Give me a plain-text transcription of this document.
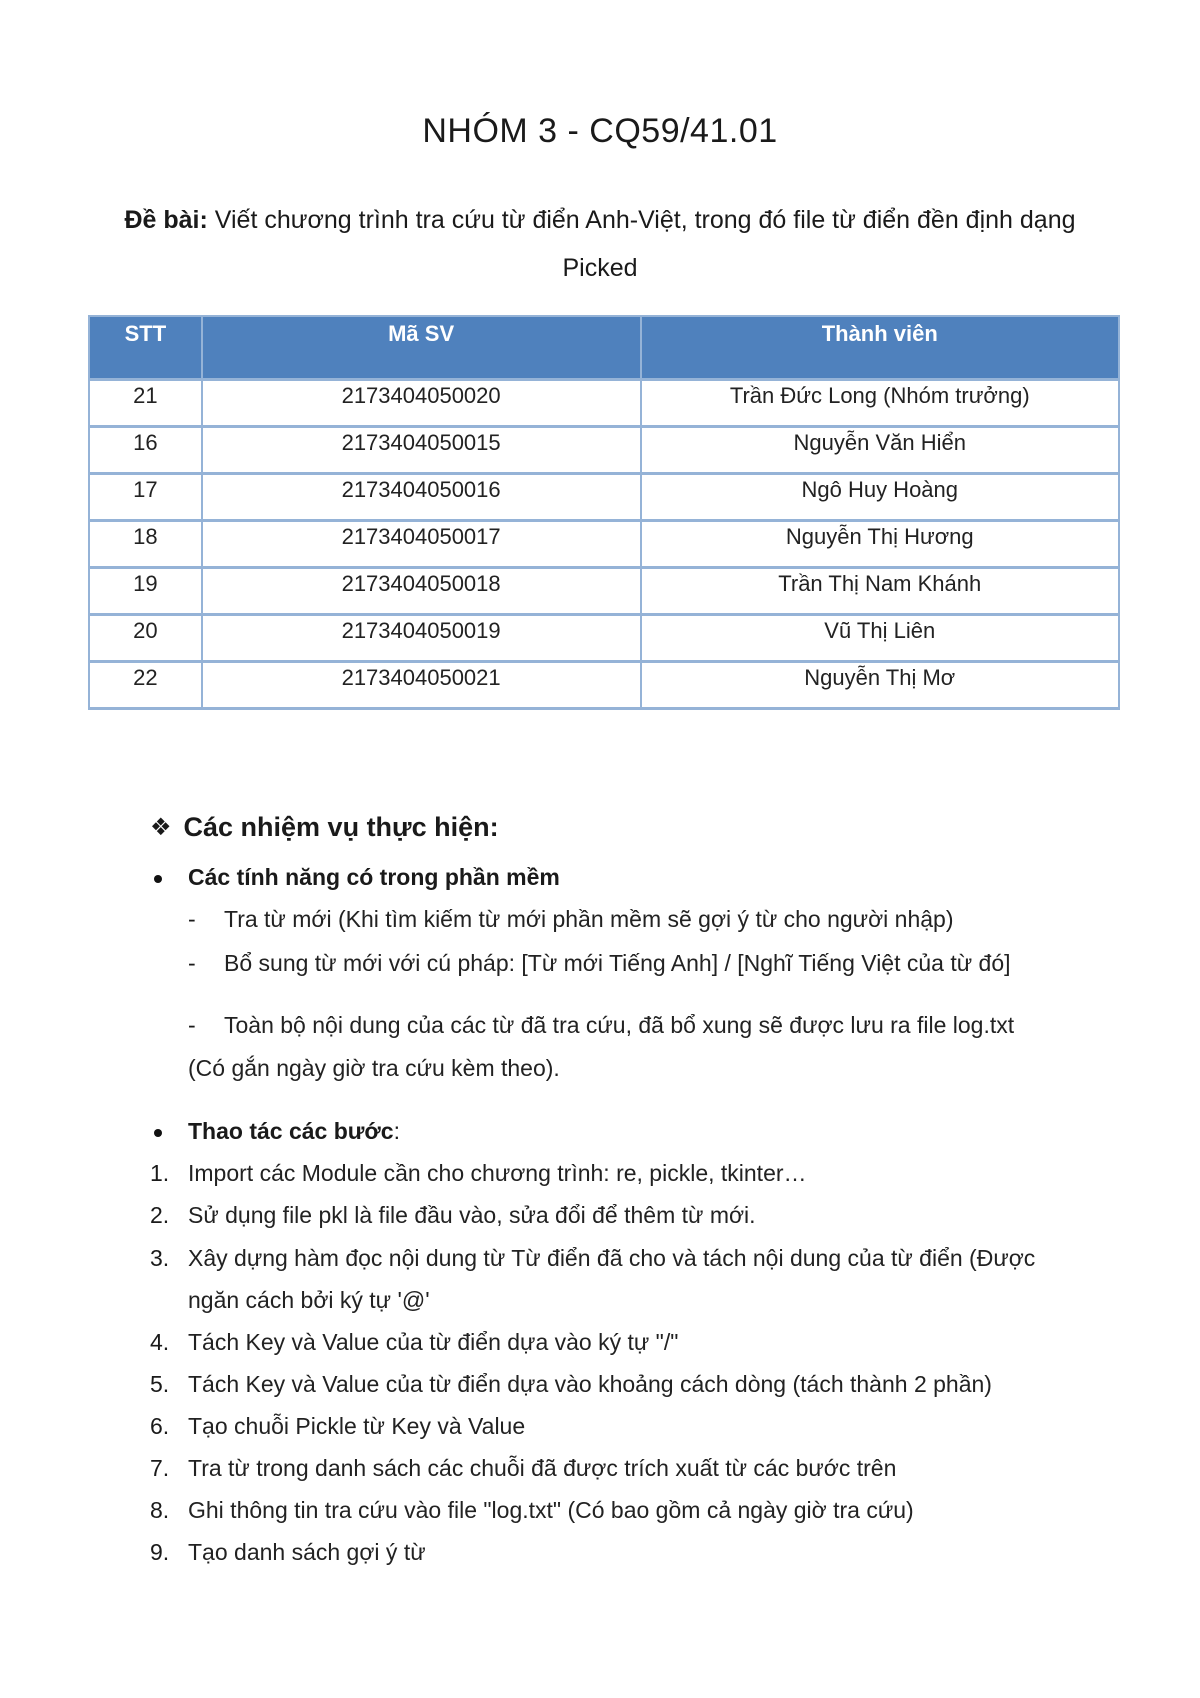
NHÓM 3 - CQ59/41.01
Đề bài: Viết chương trình tra cứu từ điển Anh-Việt, trong đó file từ điển đền định dạng Picked
STT	Mã SV	Thành viên
21	2173404050020	Trần Đức Long (Nhóm trưởng)
16	2173404050015	Nguyễn Văn Hiển
17	2173404050016	Ngô Huy Hoàng
18	2173404050017	Nguyễn Thị Hương
19	2173404050018	Trần Thị Nam Khánh
20	2173404050019	Vũ Thị Liên
22	2173404050021	Nguyễn Thị Mơ
❖ Các nhiệm vụ thực hiện:
Các tính năng có trong phần mềm
- Tra từ mới (Khi tìm kiếm từ mới phần mềm sẽ gợi ý từ cho người nhập)
- Bổ sung từ mới với cú pháp: [Từ mới Tiếng Anh] / [Nghĩ Tiếng Việt của từ đó]
- Toàn bộ nội dung của các từ đã tra cứu, đã bổ xung sẽ được lưu ra file log.txt
(Có gắn ngày giờ tra cứu kèm theo).
Thao tác các bước:
1. Import các Module cần cho chương trình: re, pickle, tkinter…
2. Sử dụng file pkl là file đầu vào, sửa đổi để thêm từ mới.
3. Xây dựng hàm đọc nội dung từ Từ điển đã cho và tách nội dung của từ điển (Được
ngăn cách bởi ký tự '@'
4. Tách Key và Value của từ điển dựa vào ký tự "/"
5. Tách Key và Value của từ điển dựa vào khoảng cách dòng (tách thành 2 phần)
6. Tạo chuỗi Pickle từ Key và Value
7. Tra từ trong danh sách các chuỗi đã được trích xuất từ các bước trên
8. Ghi thông tin tra cứu vào file "log.txt" (Có bao gồm cả ngày giờ tra cứu)
9. Tạo danh sách gợi ý từ
